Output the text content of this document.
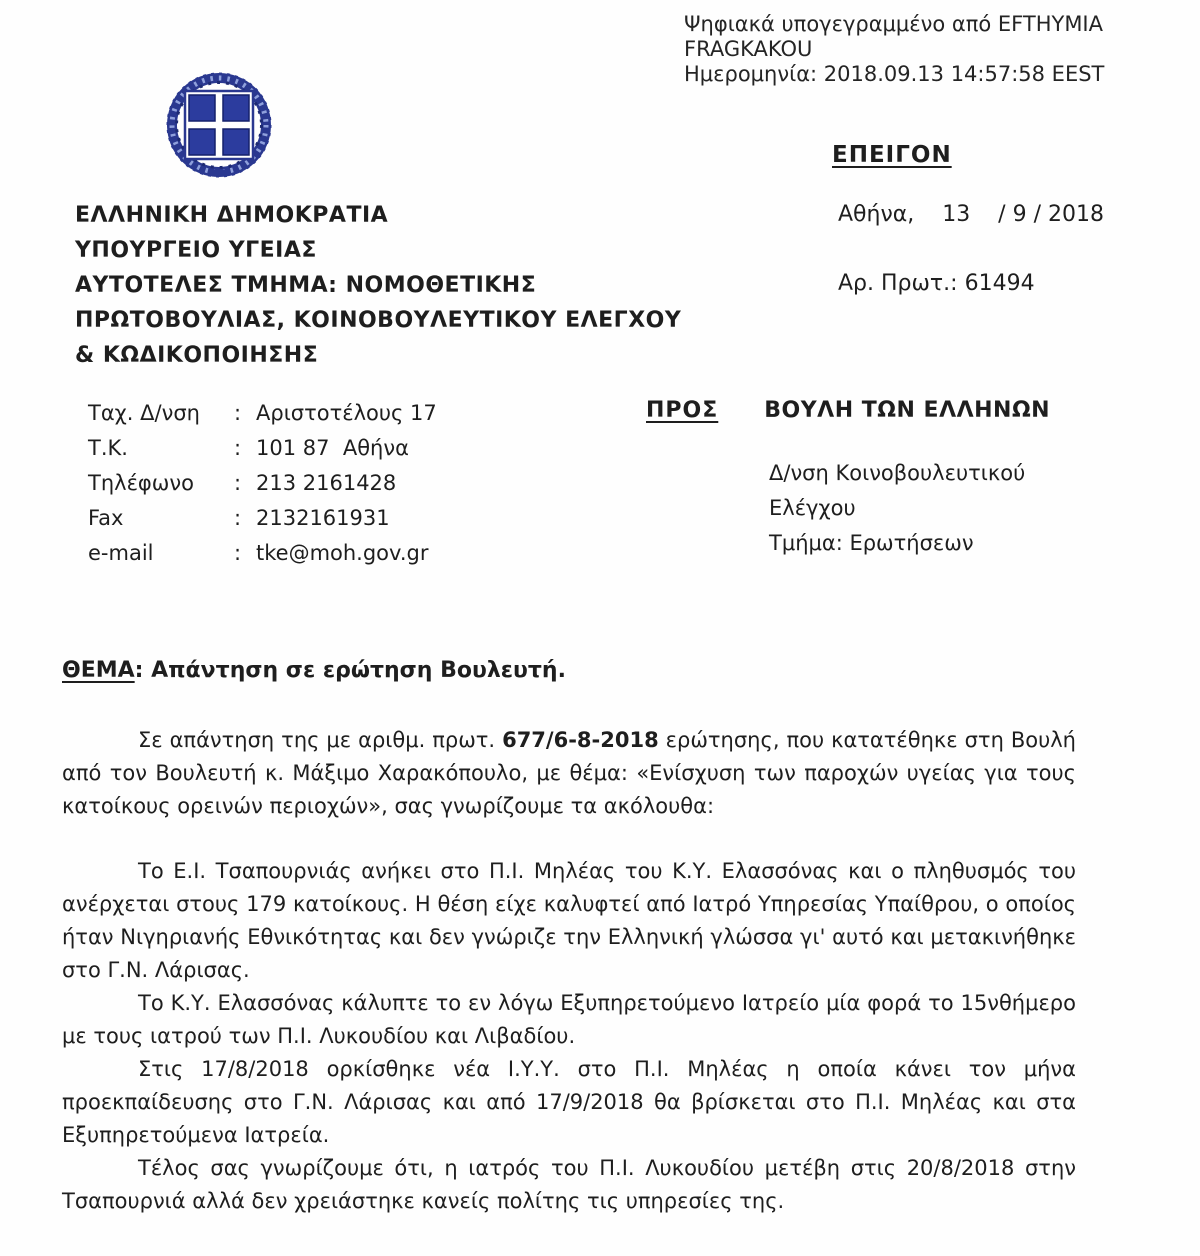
Ψηφιακά υπογεγραμμένο από EFTHYMIA
FRAGKAKOU
Ημερομηνία: 2018.09.13 14:57:58 EEST
ΕΠΕΙΓΟΝ
ΕΛΛΗΝΙΚΗ ΔΗΜΟΚΡΑΤΙΑ
ΥΠΟΥΡΓΕΙΟ ΥΓΕΙΑΣ
ΑΥΤΟΤΕΛΕΣ ΤΜΗΜΑ: ΝΟΜΟΘΕΤΙΚΗΣ
ΠΡΩΤΟΒΟΥΛΙΑΣ, ΚΟΙΝΟΒΟΥΛΕΥΤΙΚΟΥ ΕΛΕΓΧΟΥ
& ΚΩΔΙΚΟΠΟΙΗΣΗΣ
Αθήνα,    13    / 9 / 2018
Αρ. Πρωτ.: 61494
Ταχ. Δ/νση	: Αριστοτέλους 17
Τ.Κ.	: 101 87  Αθήνα
Τηλέφωνο	: 213 2161428
Fax	: 2132161931
e-mail	: tke@moh.gov.gr
ΠΡΟΣ ΒΟΥΛΗ ΤΩΝ ΕΛΛΗΝΩΝ
Δ/νση Κοινοβουλευτικού
Ελέγχου
Τμήμα: Ερωτήσεων
ΘΕΜΑ: Απάντηση σε ερώτηση Βουλευτή.

Σε απάντηση της με αριθμ. πρωτ. 677/6-8-2018 ερώτησης, που κατατέθηκε στη Βουλή από τον Βουλευτή κ. Μάξιμο Χαρακόπουλο, με θέμα: «Ενίσχυση των παροχών υγείας για τους κατοίκους ορεινών περιοχών», σας γνωρίζουμε τα ακόλουθα:

Το Ε.Ι. Τσαπουρνιάς ανήκει στο Π.Ι. Μηλέας του Κ.Υ. Ελασσόνας και ο πληθυσμός του ανέρχεται στους 179 κατοίκους. Η θέση είχε καλυφτεί από Ιατρό Υπηρεσίας Υπαίθρου, ο οποίος ήταν Νιγηριανής Εθνικότητας και δεν γνώριζε την Ελληνική γλώσσα γι' αυτό και μετακινήθηκε στο Γ.Ν. Λάρισας.

Το Κ.Υ. Ελασσόνας κάλυπτε το εν λόγω Εξυπηρετούμενο Ιατρείο μία φορά το 15νθήμερο με τους ιατρού των Π.Ι. Λυκουδίου και Λιβαδίου.

Στις 17/8/2018 ορκίσθηκε νέα Ι.Υ.Υ. στο Π.Ι. Μηλέας η οποία κάνει τον μήνα προεκπαίδευσης στο Γ.Ν. Λάρισας και από 17/9/2018 θα βρίσκεται στο Π.Ι. Μηλέας και στα Εξυπηρετούμενα Ιατρεία.

Τέλος σας γνωρίζουμε ότι, η ιατρός του Π.Ι. Λυκουδίου μετέβη στις 20/8/2018 στην Τσαπουρνιά αλλά δεν χρειάστηκε κανείς πολίτης τις υπηρεσίες της.
